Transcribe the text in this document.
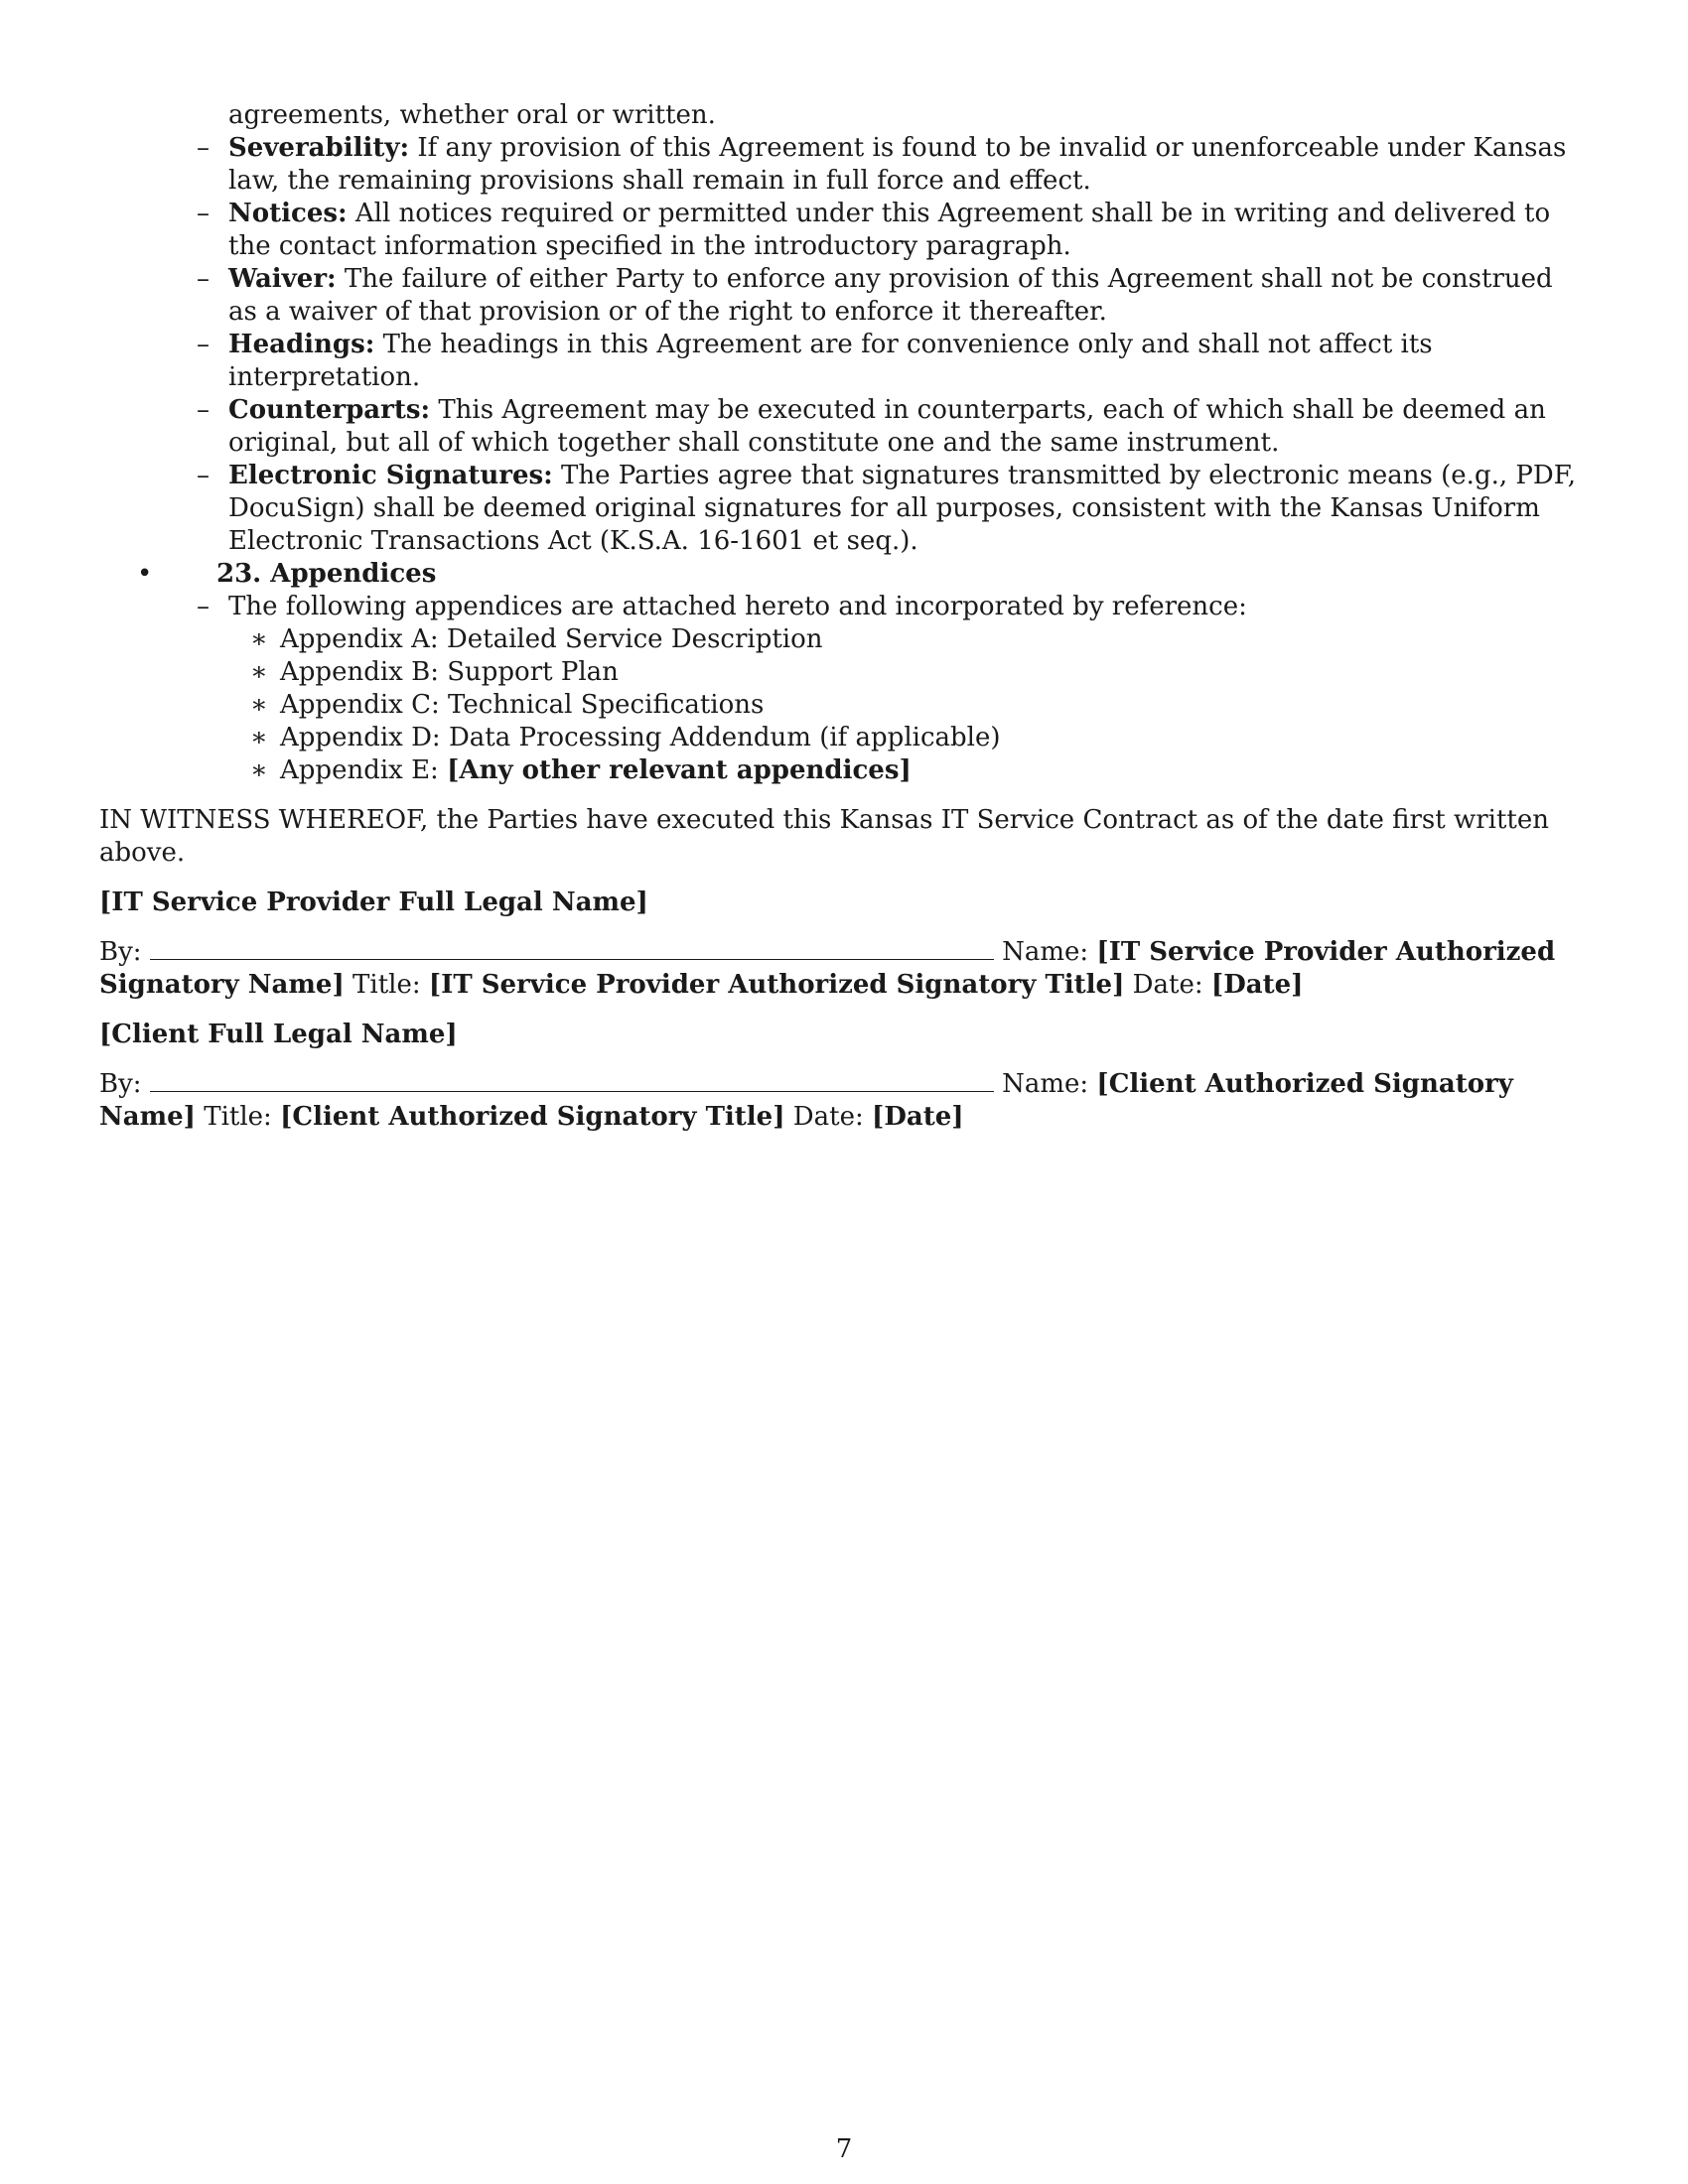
agreements, whether oral or written.
– Severability: If any provision of this Agreement is found to be invalid or unenforceable under Kansas law, the remaining provisions shall remain in full force and effect.
– Notices: All notices required or permitted under this Agreement shall be in writing and delivered to the contact information specified in the introductory paragraph.
– Waiver: The failure of either Party to enforce any provision of this Agreement shall not be construed as a waiver of that provision or of the right to enforce it thereafter.
– Headings: The headings in this Agreement are for convenience only and shall not affect its interpretation.
– Counterparts: This Agreement may be executed in counterparts, each of which shall be deemed an original, but all of which together shall constitute one and the same instrument.
– Electronic Signatures: The Parties agree that signatures transmitted by electronic means (e.g., PDF, DocuSign) shall be deemed original signatures for all purposes, consistent with the Kansas Uniform Electronic Transactions Act (K.S.A. 16-1601 et seq.).
•	23. Appendices
– The following appendices are attached hereto and incorporated by reference:
∗ Appendix A: Detailed Service Description
∗ Appendix B: Support Plan
∗ Appendix C: Technical Specifications
∗ Appendix D: Data Processing Addendum (if applicable)
∗ Appendix E: [Any other relevant appendices]
IN WITNESS WHEREOF, the Parties have executed this Kansas IT Service Contract as of the date first written above.
[IT Service Provider Full Legal Name]
By:	Name: [IT Service Provider Authorized Signatory Name] Title: [IT Service Provider Authorized Signatory Title] Date: [Date]
[Client Full Legal Name]
By:	Name: [Client Authorized Signatory Name] Title: [Client Authorized Signatory Title] Date: [Date]
7
